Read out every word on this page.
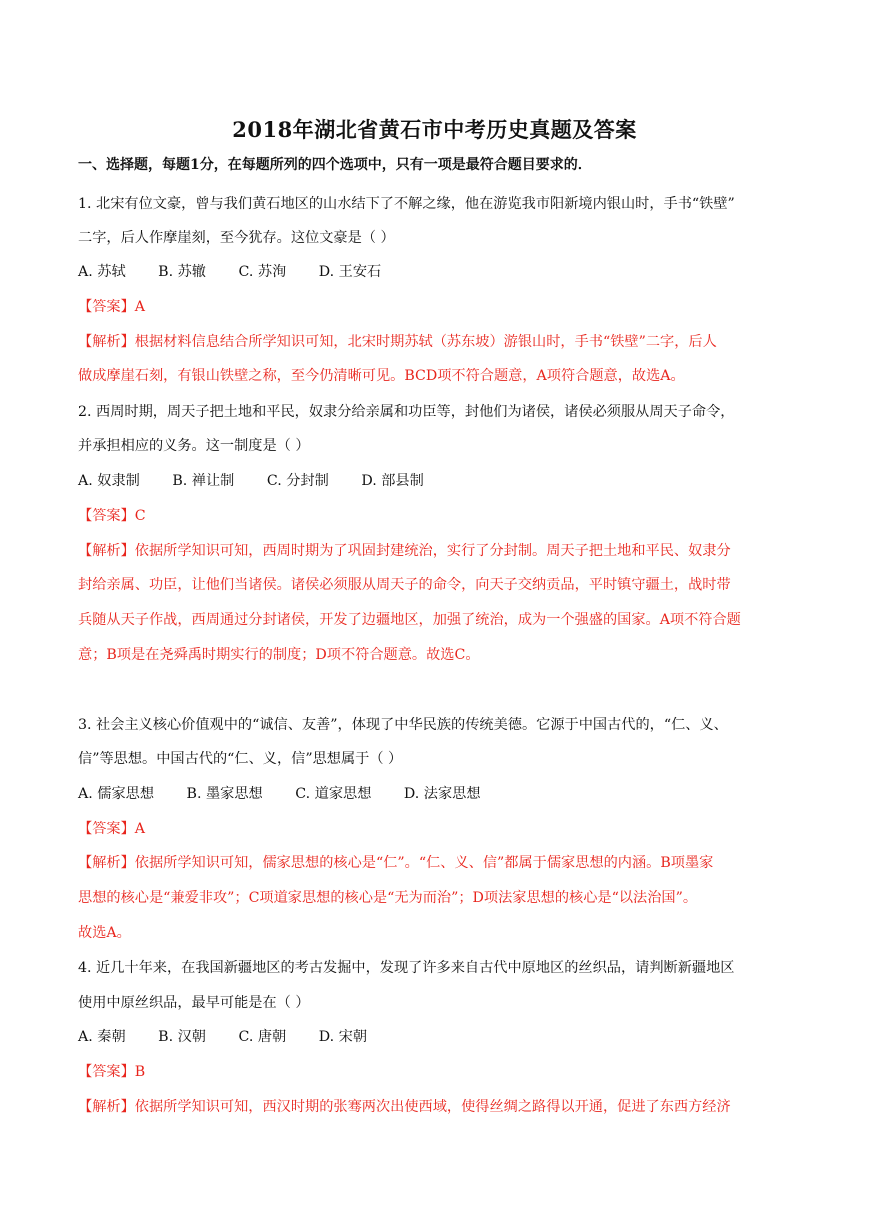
2018年湖北省黄石市中考历史真题及答案
一、选择题，每题1分，在每题所列的四个选项中，只有一项是最符合题目要求的．
1. 北宋有位文豪，曾与我们黄石地区的山水结下了不解之缘，他在游览我市阳新境内银山时，手书“铁壁”
二字，后人作摩崖刻，至今犹存。这位文豪是（ ）
A. 苏轼 B. 苏辙 C. 苏洵 D. 王安石
【答案】A
【解析】根据材料信息结合所学知识可知，北宋时期苏轼（苏东坡）游银山时，手书“铁壁”二字，后人
做成摩崖石刻，有银山铁壁之称，至今仍清晰可见。BCD项不符合题意，A项符合题意，故选A。
2. 西周时期，周天子把土地和平民，奴隶分给亲属和功臣等，封他们为诸侯，诸侯必须服从周天子命令，
并承担相应的义务。这一制度是（ ）
A. 奴隶制 B. 禅让制 C. 分封制 D. 部县制
【答案】C
【解析】依据所学知识可知，西周时期为了巩固封建统治，实行了分封制。周天子把土地和平民、奴隶分
封给亲属、功臣，让他们当诸侯。诸侯必须服从周天子的命令，向天子交纳贡品，平时镇守疆土，战时带
兵随从天子作战，西周通过分封诸侯，开发了边疆地区，加强了统治，成为一个强盛的国家。A项不符合题
意；B项是在尧舜禹时期实行的制度；D项不符合题意。故选C。
3. 社会主义核心价值观中的“诚信、友善”，体现了中华民族的传统美德。它源于中国古代的，“仁、义、
信”等思想。中国古代的“仁、义，信”思想属于（ ）
A. 儒家思想 B. 墨家思想 C. 道家思想 D. 法家思想
【答案】A
【解析】依据所学知识可知，儒家思想的核心是“仁”。“仁、义、信”都属于儒家思想的内涵。B项墨家
思想的核心是“兼爱非攻”；C项道家思想的核心是“无为而治”；D项法家思想的核心是“以法治国”。
故选A。
4. 近几十年来，在我国新疆地区的考古发掘中，发现了许多来自古代中原地区的丝织品，请判断新疆地区
使用中原丝织品，最早可能是在（ ）
A. 秦朝 B. 汉朝 C. 唐朝 D. 宋朝
【答案】B
【解析】依据所学知识可知，西汉时期的张骞两次出使西域，使得丝绸之路得以开通，促进了东西方经济
